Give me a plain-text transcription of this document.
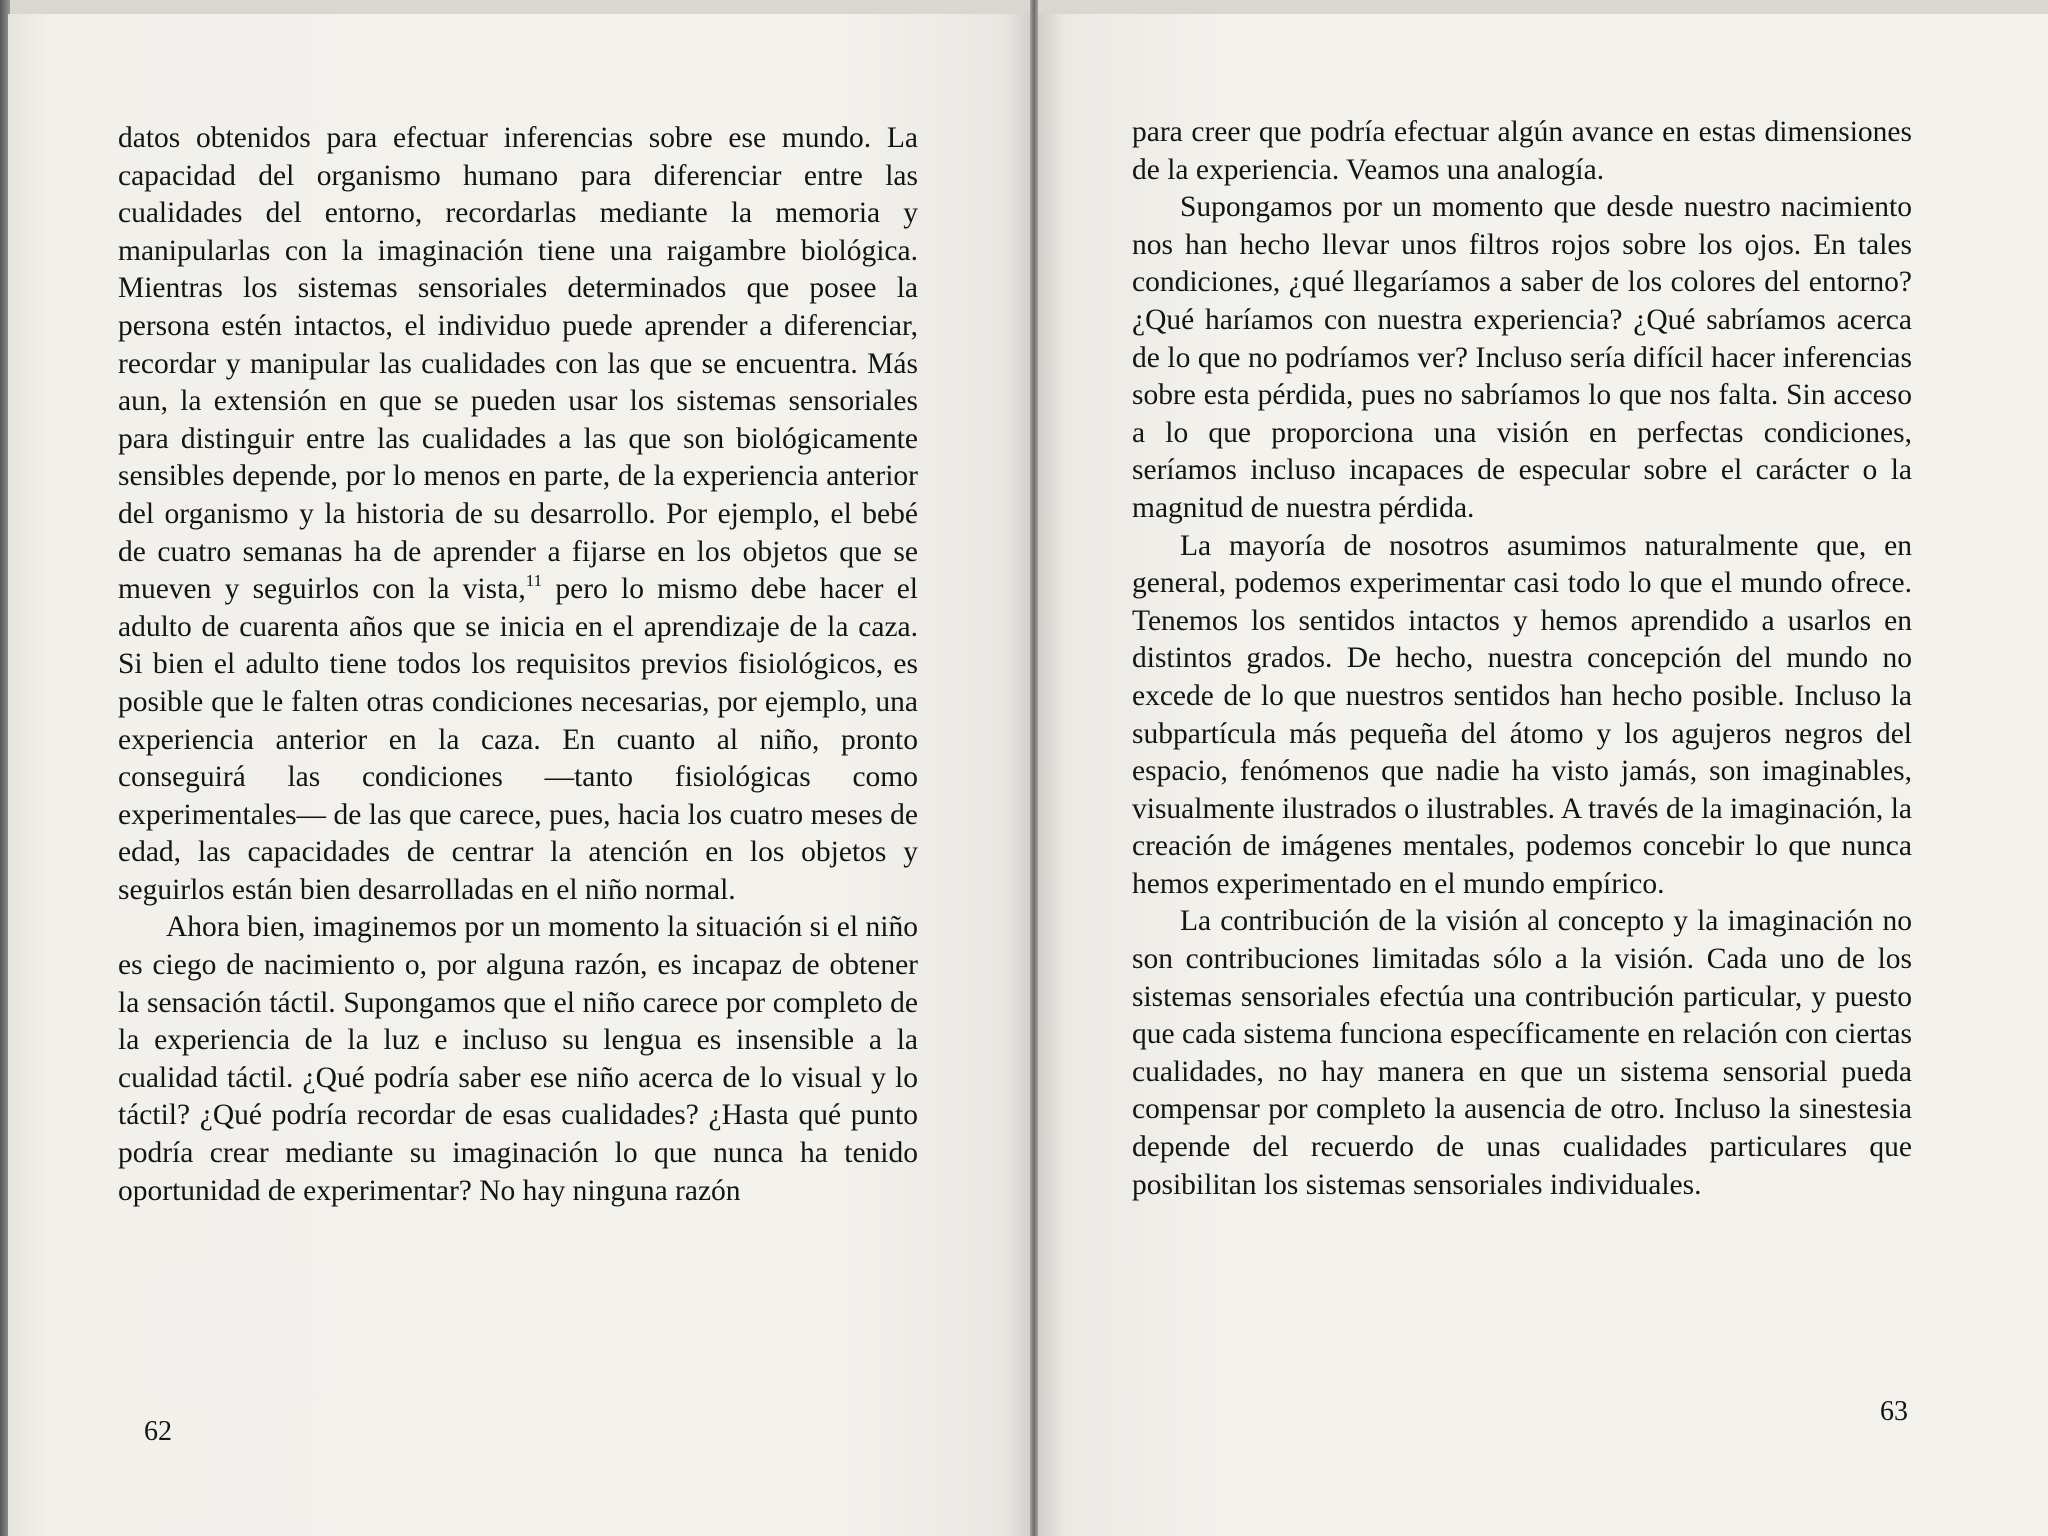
datos obtenidos para efectuar inferencias sobre ese mundo. La capacidad del organismo humano para diferenciar entre las cualidades del entorno, recordarlas mediante la memoria y manipularlas con la imaginación tiene una raigambre biológica. Mientras los sistemas sensoriales determinados que posee la persona estén intactos, el individuo puede aprender a diferenciar, recordar y manipular las cualidades con las que se encuentra. Más aun, la extensión en que se pueden usar los sistemas sensoriales para distinguir entre las cualidades a las que son biológicamente sensibles depende, por lo menos en parte, de la experiencia anterior del organismo y la historia de su desarrollo. Por ejemplo, el bebé de cuatro semanas ha de aprender a fijarse en los objetos que se mueven y seguirlos con la vista,$^{11}$ pero lo mismo debe hacer el adulto de cuarenta años que se inicia en el aprendizaje de la caza. Si bien el adulto tiene todos los requisitos previos fisiológicos, es posible que le falten otras condiciones necesarias, por ejemplo, una experiencia anterior en la caza. En cuanto al niño, pronto conseguirá las condiciones —tanto fisiológicas como experimentales— de las que carece, pues, hacia los cuatro meses de edad, las capacidades de centrar la atención en los objetos y seguirlos están bien desarrolladas en el niño normal.

Ahora bien, imaginemos por un momento la situación si el niño es ciego de nacimiento o, por alguna razón, es incapaz de obtener la sensación táctil. Supongamos que el niño carece por completo de la experiencia de la luz e incluso su lengua es insensible a la cualidad táctil. ¿Qué podría saber ese niño acerca de lo visual y lo táctil? ¿Qué podría recordar de esas cualidades? ¿Hasta qué punto podría crear mediante su imaginación lo que nunca ha tenido oportunidad de experimentar? No hay ninguna razón

62

para creer que podría efectuar algún avance en estas dimensiones de la experiencia. Veamos una analogía.

Supongamos por un momento que desde nuestro nacimiento nos han hecho llevar unos filtros rojos sobre los ojos. En tales condiciones, ¿qué llegaríamos a saber de los colores del entorno? ¿Qué haríamos con nuestra experiencia? ¿Qué sabríamos acerca de lo que no podríamos ver? Incluso sería difícil hacer inferencias sobre esta pérdida, pues no sabríamos lo que nos falta. Sin acceso a lo que proporciona una visión en perfectas condiciones, seríamos incluso incapaces de especular sobre el carácter o la magnitud de nuestra pérdida.

La mayoría de nosotros asumimos naturalmente que, en general, podemos experimentar casi todo lo que el mundo ofrece. Tenemos los sentidos intactos y hemos aprendido a usarlos en distintos grados. De hecho, nuestra concepción del mundo no excede de lo que nuestros sentidos han hecho posible. Incluso la subpartícula más pequeña del átomo y los agujeros negros del espacio, fenómenos que nadie ha visto jamás, son imaginables, visualmente ilustrados o ilustrables. A través de la imaginación, la creación de imágenes mentales, podemos concebir lo que nunca hemos experimentado en el mundo empírico.

La contribución de la visión al concepto y la imaginación no son contribuciones limitadas sólo a la visión. Cada uno de los sistemas sensoriales efectúa una contribución particular, y puesto que cada sistema funciona específicamente en relación con ciertas cualidades, no hay manera en que un sistema sensorial pueda compensar por completo la ausencia de otro. Incluso la sinestesia depende del recuerdo de unas cualidades particulares que posibilitan los sistemas sensoriales individuales.

63
